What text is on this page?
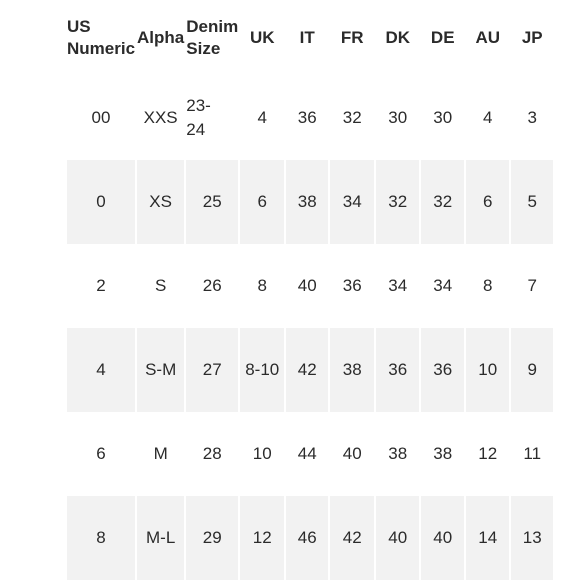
US Numeric	Alpha	Denim Size	UK	IT	FR	DK	DE	AU	JP

00	XXS	23-24	4	36	32	30	30	4	3
0	XS	25	6	38	34	32	32	6	5
2	S	26	8	40	36	34	34	8	7
4	S-M	27	8-10	42	38	36	36	10	9
6	M	28	10	44	40	38	38	12	11
8	M-L	29	12	46	42	40	40	14	13
